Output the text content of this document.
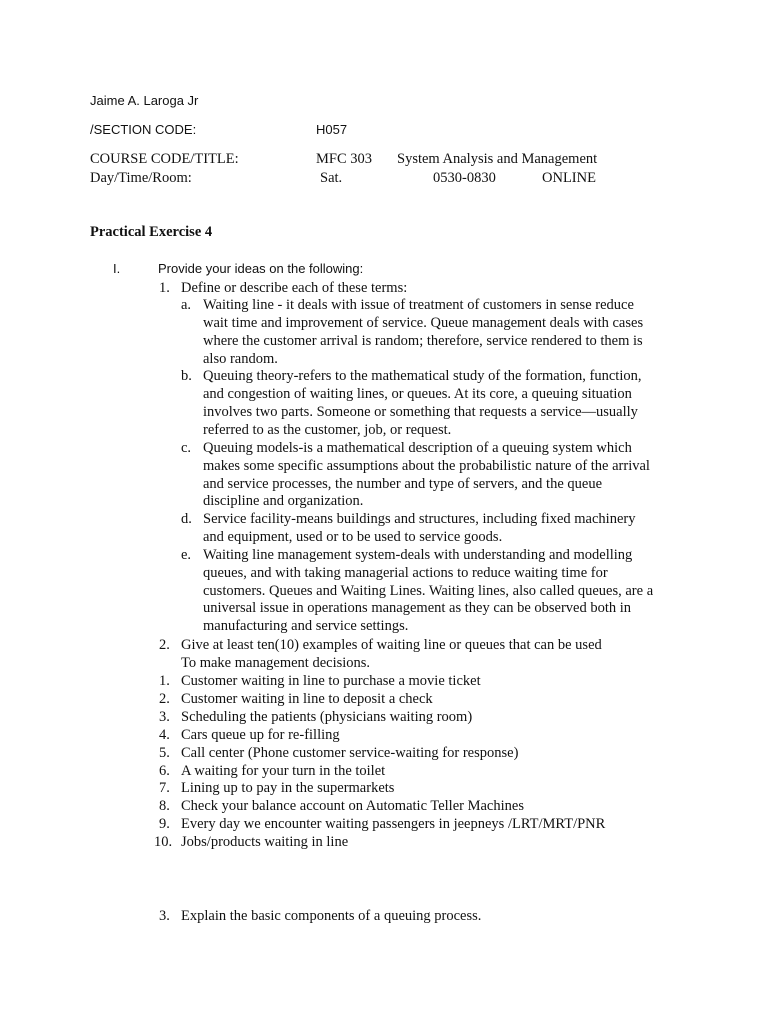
Jaime A. Laroga Jr
/SECTION CODE:	H057
COURSE CODE/TITLE:	MFC 303 System Analysis and Management
Day/Time/Room:	Sat.	0530-0830	ONLINE
Practical Exercise 4
I.	Provide your ideas on the following:
1. Define or describe each of these terms:
a. Waiting line - it deals with issue of treatment of customers in sense reduce
wait time and improvement of service. Queue management deals with cases
where the customer arrival is random; therefore, service rendered to them is
also random.
b. Queuing theory-refers to the mathematical study of the formation, function,
and congestion of waiting lines, or queues. At its core, a queuing situation
involves two parts. Someone or something that requests a service—usually
referred to as the customer, job, or request.
c. Queuing models-is a mathematical description of a queuing system which
makes some specific assumptions about the probabilistic nature of the arrival
and service processes, the number and type of servers, and the queue
discipline and organization.
d. Service facility-means buildings and structures, including fixed machinery
and equipment, used or to be used to service goods.
e. Waiting line management system-deals with understanding and modelling
queues, and with taking managerial actions to reduce waiting time for
customers. Queues and Waiting Lines. Waiting lines, also called queues, are a
universal issue in operations management as they can be observed both in
manufacturing and service settings.
2. Give at least ten(10) examples of waiting line or queues that can be used
To make management decisions.
1. Customer waiting in line to purchase a movie ticket
2. Customer waiting in line to deposit a check
3. Scheduling the patients (physicians waiting room)
4. Cars queue up for re-filling
5. Call center (Phone customer service-waiting for response)
6. A waiting for your turn in the toilet
7. Lining up to pay in the supermarkets
8. Check your balance account on Automatic Teller Machines
9. Every day we encounter waiting passengers in jeepneys /LRT/MRT/PNR
10. Jobs/products waiting in line
3. Explain the basic components of a queuing process.
